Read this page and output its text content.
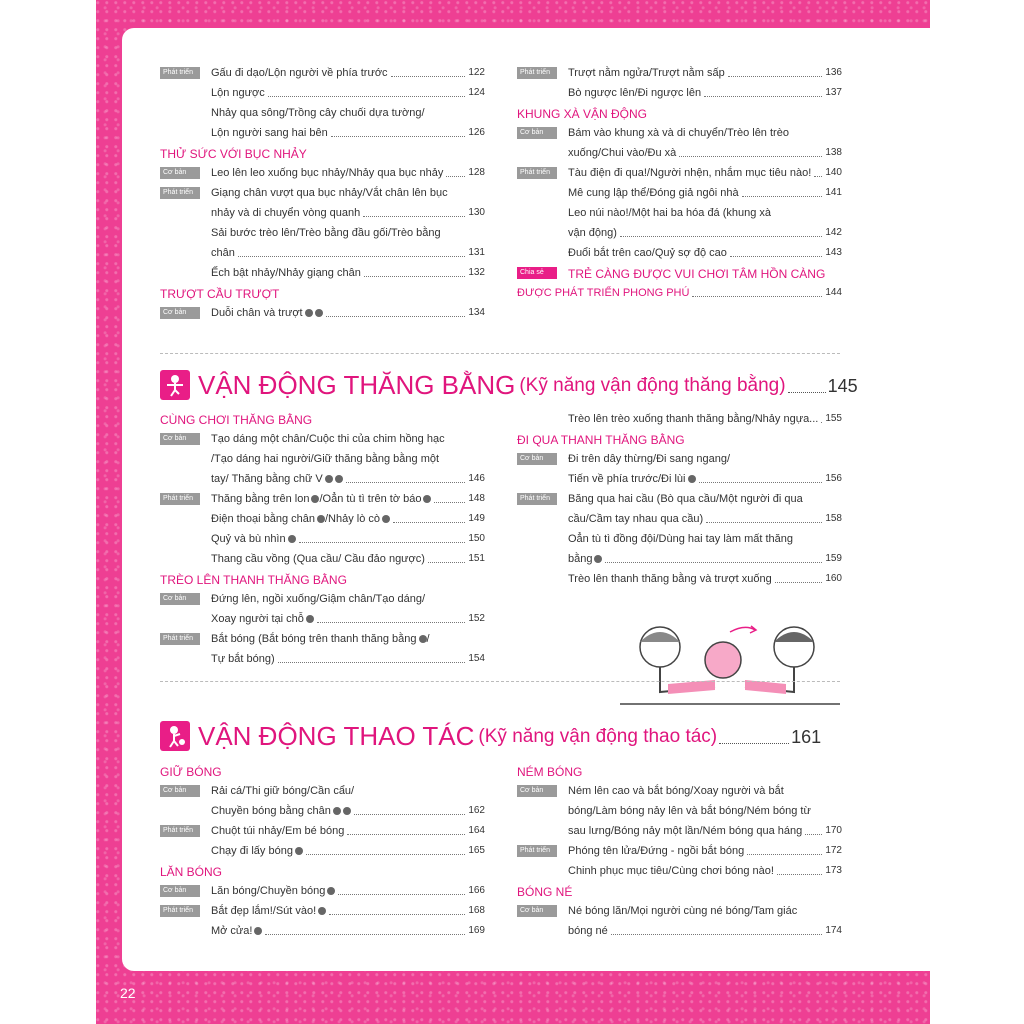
22
Phát triển	Gấu đi dạo/Lộn người về phía trước	122
Lộn ngược	124
Nhảy qua sông/Trồng cây chuối dựa tường/
Lộn người sang hai bên	126
THỬ SỨC VỚI BỤC NHẢY
Cơ bản	Leo lên leo xuống bục nhảy/Nhảy qua bục nhảy 128
Phát triển	Giạng chân vượt qua bục nhảy/Vắt chân lên bục
nhảy và di chuyển vòng quanh	130
Sải bước trèo lên/Trèo bằng đầu gối/Trèo bằng
chân	131
Ếch bật nhảy/Nhảy giạng chân	132
TRƯỢT CẦU TRƯỢT
Cơ bản	Duỗi chân và trượt	134
Phát triển	Trượt nằm ngửa/Trượt nằm sấp	136
Bò ngược lên/Đi ngược lên	137
KHUNG XÀ VẬN ĐỘNG
Cơ bản	Bám vào khung xà và di chuyển/Trèo lên trèo
xuống/Chui vào/Đu xà	138
Phát triển	Tàu điện đi qua!/Người nhện, nhắm mục tiêu nào! 140
Mê cung lập thể/Đóng giả ngôi nhà	141
Leo núi nào!/Một hai ba hóa đá (khung xà
vận động)	142
Đuổi bắt trên cao/Quỷ sợ độ cao	143
Chia sẻ	TRẺ CÀNG ĐƯỢC VUI CHƠI TÂM HỒN CÀNG
ĐƯỢC PHÁT TRIỂN PHONG PHÚ	144
VẬN ĐỘNG THĂNG BẰNG (Kỹ năng vận động thăng bằng) 145
CÙNG CHƠI THĂNG BẰNG
Cơ bản	Tạo dáng một chân/Cuộc thi của chim hồng hạc
/Tạo dáng hai người/Giữ thăng bằng bằng một
tay/ Thăng bằng chữ V	146
Phát triển	Thăng bằng trên lon /Oẳn tù tì trên tờ báo	148
Điện thoại bằng chân /Nhảy lò cò	149
Quỷ và bù nhìn	150
Thang cầu vồng (Qua cầu/ Cầu đảo ngược)	151
TRÈO LÊN THANH THĂNG BẰNG
Cơ bản	Đứng lên, ngồi xuống/Giậm chân/Tạo dáng/
Xoay người tại chỗ	152
Phát triển	Bắt bóng (Bắt bóng trên thanh thăng bằng /
Tự bắt bóng)	154
Trèo lên trèo xuống thanh thăng bằng/Nhảy ngựa... 155
ĐI QUA THANH THĂNG BẰNG
Cơ bản	Đi trên dây thừng/Đi sang ngang/
Tiến về phía trước/Đi lùi	156
Phát triển	Băng qua hai cầu (Bò qua cầu/Một người đi qua
cầu/Cầm tay nhau qua cầu)	158
Oẳn tù tì đồng đội/Dùng hai tay làm mất thăng
bằng	159
Trèo lên thanh thăng bằng và trượt xuống	160
VẬN ĐỘNG THAO TÁC (Kỹ năng vận động thao tác)	161
GIỮ BÓNG
Cơ bản	Rải cá/Thi giữ bóng/Cần cẩu/
Chuyền bóng bằng chân	162
Phát triển	Chuột túi nhảy/Em bé bóng	164
Chạy đi lấy bóng	165
LĂN BÓNG
Cơ bản	Lăn bóng/Chuyền bóng	166
Phát triển	Bắt đẹp lắm!/Sút vào!	168
Mở cửa!	169
NÉM BÓNG
Cơ bản	Ném lên cao và bắt bóng/Xoay người và bắt
bóng/Làm bóng nảy lên và bắt bóng/Ném bóng từ
sau lưng/Bóng nảy một lần/Ném bóng qua háng 170
Phát triển	Phóng tên lửa/Đứng - ngồi bắt bóng	172
Chinh phục mục tiêu/Cùng chơi bóng nào!	173
BÓNG NÉ
Cơ bản	Né bóng lăn/Mọi người cùng né bóng/Tam giác
bóng né	174
